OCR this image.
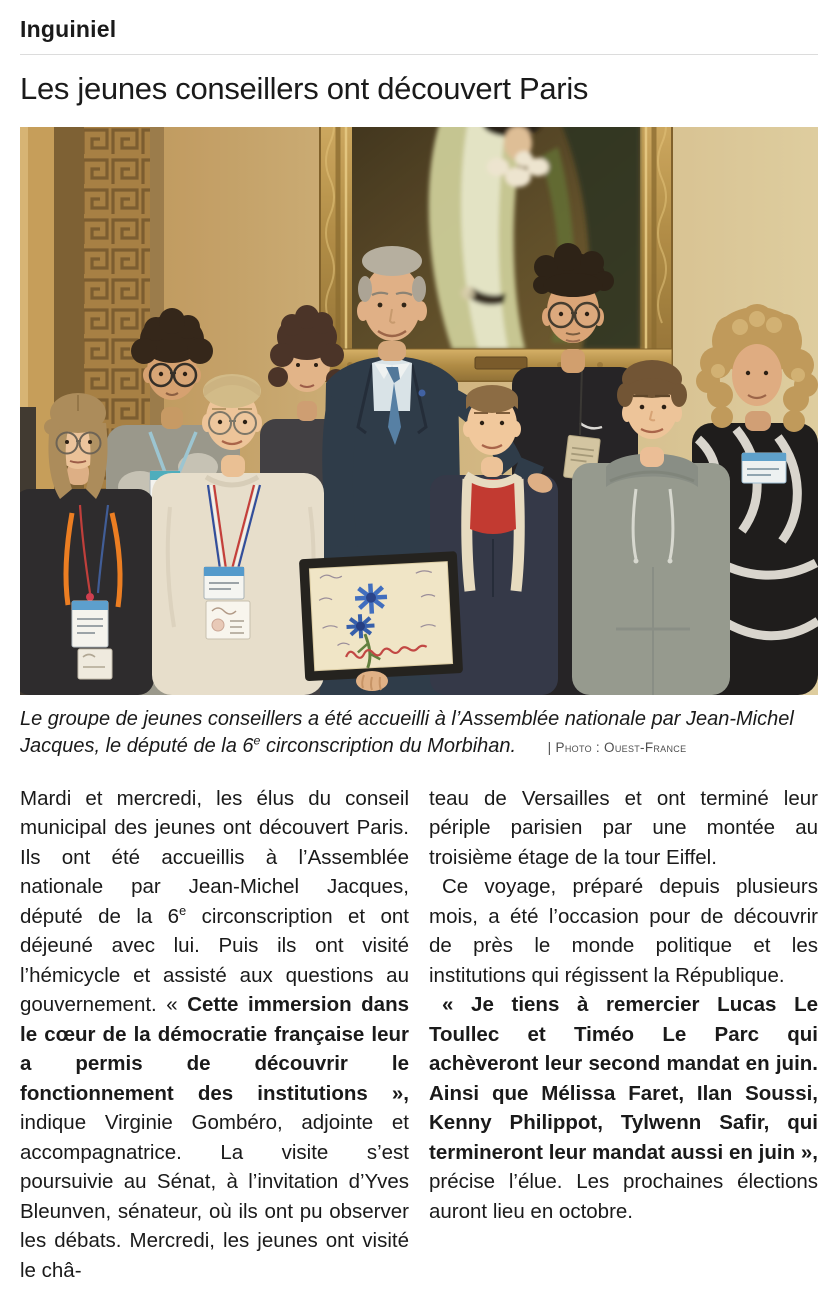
Inguiniel
Les jeunes conseillers ont découvert Paris
Le groupe de jeunes conseillers a été accueilli à l’Assemblée nationale par Jean-Michel Jacques, le député de la 6e circonscription du Morbihan. | Photo : Ouest-France

Mardi et mercredi, les élus du conseil municipal des jeunes ont découvert Paris. Ils ont été accueillis à l’Assemblée nationale par Jean-Michel Jacques, député de la 6e circonscription et ont déjeuné avec lui. Puis ils ont visité l’hémicycle et assisté aux questions au gouvernement. « Cette immersion dans le cœur de la démocratie française leur a permis de découvrir le fonctionnement des institutions », indique Virginie Gombéro, adjointe et accompagnatrice. La visite s’est poursuivie au Sénat, à l’invitation d’Yves Bleunven, sénateur, où ils ont pu observer les débats. Mercredi, les jeunes ont visité le châ-

teau de Versailles et ont terminé leur périple parisien par une montée au troisième étage de la tour Eiffel.

Ce voyage, préparé depuis plusieurs mois, a été l’occasion pour de découvrir de près le monde politique et les institutions qui régissent la République.

« Je tiens à remercier Lucas Le Toullec et Timéo Le Parc qui achèveront leur second mandat en juin. Ainsi que Mélissa Faret, Ilan Soussi, Kenny Philippot, Tylwenn Safir, qui termineront leur mandat aussi en juin », précise l’élue. Les prochaines élections auront lieu en octobre.
